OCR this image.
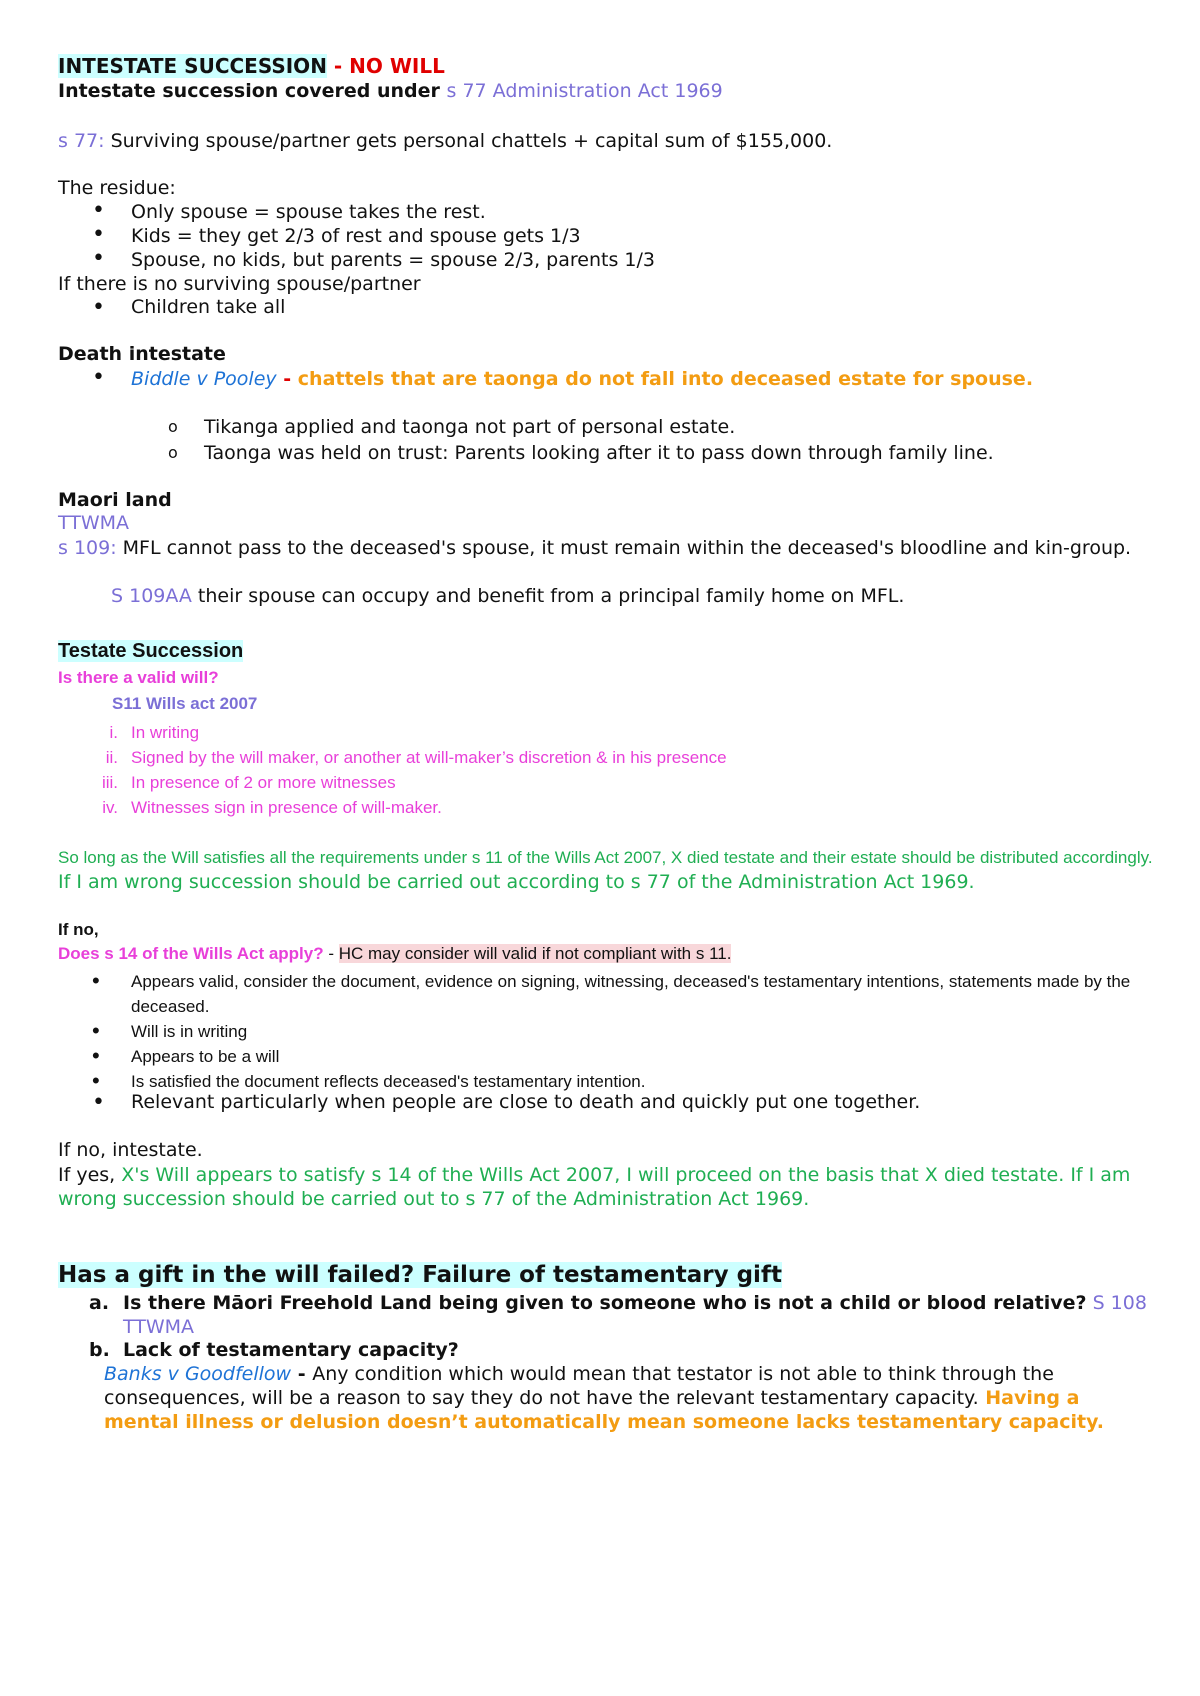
INTESTATE SUCCESSION - NO WILL
Intestate succession covered under s 77 Administration Act 1969
s 77: Surviving spouse/partner gets personal chattels + capital sum of $155,000.
The residue:
• Only spouse = spouse takes the rest.
• Kids = they get 2/3 of rest and spouse gets 1/3
• Spouse, no kids, but parents = spouse 2/3, parents 1/3
If there is no surviving spouse/partner
• Children take all
Death intestate
• Biddle v Pooley - chattels that are taonga do not fall into deceased estate for spouse.
o Tikanga applied and taonga not part of personal estate.
o Taonga was held on trust: Parents looking after it to pass down through family line.
Maori land
TTWMA
s 109: MFL cannot pass to the deceased's spouse, it must remain within the deceased's bloodline and kin-group.
S 109AA their spouse can occupy and benefit from a principal family home on MFL.
Testate Succession
Is there a valid will?
S11 Wills act 2007
i. In writing
ii. Signed by the will maker, or another at will-maker’s discretion & in his presence
iii. In presence of 2 or more witnesses
iv. Witnesses sign in presence of will-maker.
So long as the Will satisfies all the requirements under s 11 of the Wills Act 2007, X died testate and their estate should be distributed accordingly. If I am wrong succession should be carried out according to s 77 of the Administration Act 1969.
If no,
Does s 14 of the Wills Act apply? - HC may consider will valid if not compliant with s 11.
• Appears valid, consider the document, evidence on signing, witnessing, deceased's testamentary intentions, statements made by the deceased.
• Will is in writing
• Appears to be a will
• Is satisfied the document reflects deceased's testamentary intention.
• Relevant particularly when people are close to death and quickly put one together.
If no, intestate.
If yes, X's Will appears to satisfy s 14 of the Wills Act 2007, I will proceed on the basis that X died testate. If I am wrong succession should be carried out to s 77 of the Administration Act 1969.
Has a gift in the will failed? Failure of testamentary gift
a. Is there Māori Freehold Land being given to someone who is not a child or blood relative? S 108 TTWMA
b. Lack of testamentary capacity?
Banks v Goodfellow - Any condition which would mean that testator is not able to think through the consequences, will be a reason to say they do not have the relevant testamentary capacity. Having a mental illness or delusion doesn’t automatically mean someone lacks testamentary capacity.
